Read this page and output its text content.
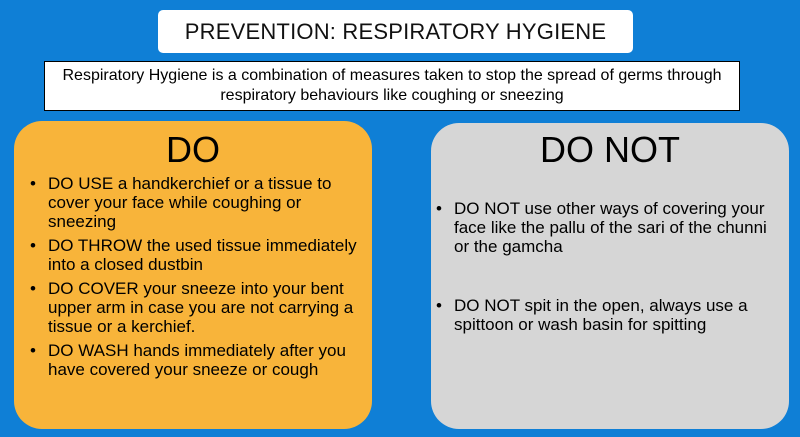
PREVENTION: RESPIRATORY HYGIENE
Respiratory Hygiene is a combination of measures taken to stop the spread of germs through respiratory behaviours like coughing or sneezing
DO
• DO USE a handkerchief or a tissue to cover your face while coughing or sneezing
• DO THROW the used tissue immediately into a closed dustbin
• DO COVER your sneeze into your bent upper arm in case you are not carrying a tissue or a kerchief.
• DO WASH hands immediately after you have covered your sneeze or cough
DO NOT
• DO NOT use other ways of covering your face like the pallu of the sari of the chunni or the gamcha
• DO NOT spit in the open, always use a spittoon or wash basin for spitting
